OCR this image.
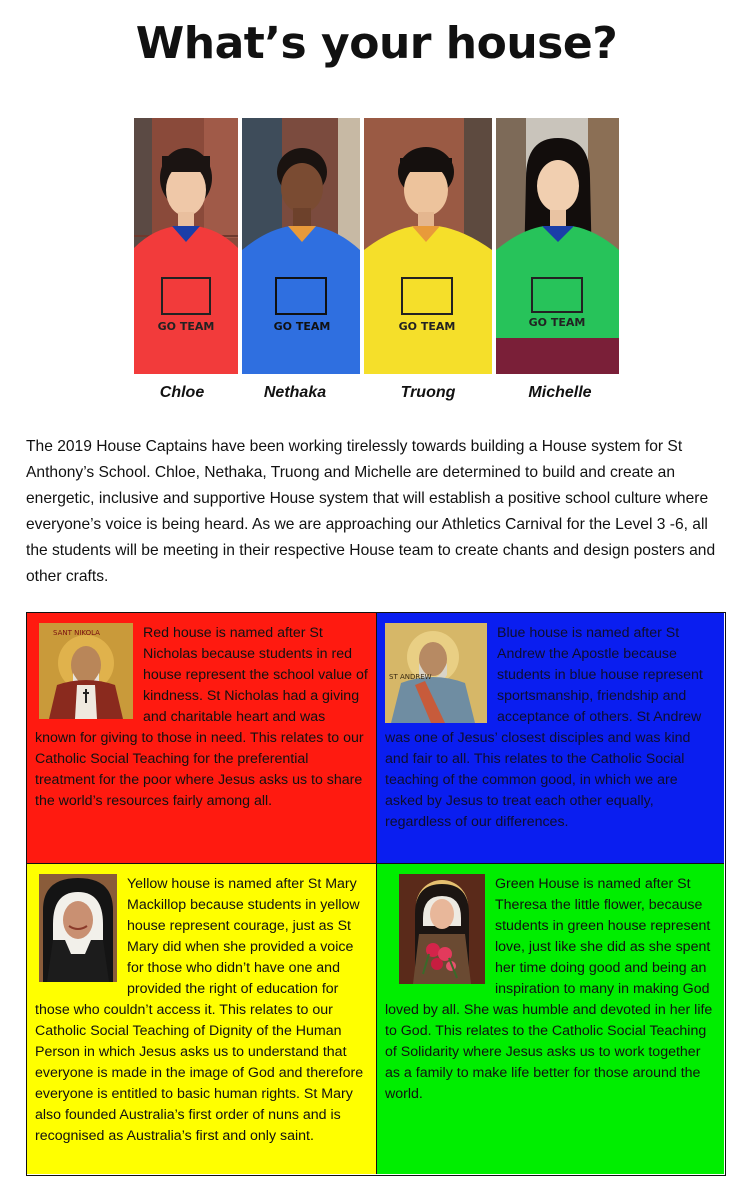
What’s your house?
GO TEAM	GO TEAM	GO TEAM	GO TEAM
Chloe	Nethaka	Truong	Michelle
The 2019 House Captains have been working tirelessly towards building a House system for St Anthony’s School. Chloe, Nethaka, Truong and Michelle are determined to build and create an energetic, inclusive and supportive House system that will establish a positive school culture where everyone’s voice is being heard. As we are approaching our Athletics Carnival for the Level 3 -6, all the students will be meeting in their respective House team to create chants and design posters and other crafts.
SANT NIKOLA	Red house is named after St Nicholas because students in red house represent the school value of kindness. St Nicholas had a giving and charitable heart and was known for giving to those in need. This relates to our Catholic Social Teaching for the preferential treatment for the poor where Jesus asks us to share the world’s resources fairly among all.
ST ANDREW
Blue house is named after St Andrew the Apostle because students in blue house represent sportsmanship, friendship and acceptance of others. St Andrew was one of Jesus’ closest disciples and was kind and fair to all. This relates to the Catholic Social teaching of the common good, in which we are asked by Jesus to treat each other equally, regardless of our differences.
Yellow house is named after St Mary Mackillop because students in yellow house represent courage, just as St Mary did when she provided a voice for those who didn’t have one and provided the right of education for those who couldn’t access it. This relates to our Catholic Social Teaching of Dignity of the Human Person in which Jesus asks us to understand that everyone is made in the image of God and therefore everyone is entitled to basic human rights. St Mary also founded Australia’s first order of nuns and is recognised as Australia’s first and only saint.
Green House is named after St Theresa the little flower, because students in green house represent love, just like she did as she spent her time doing good and being an inspiration to many in making God loved by all. She was humble and devoted in her life to God. This relates to the Catholic Social Teaching of Solidarity where Jesus asks us to work together as a family to make life better for those around the world.
